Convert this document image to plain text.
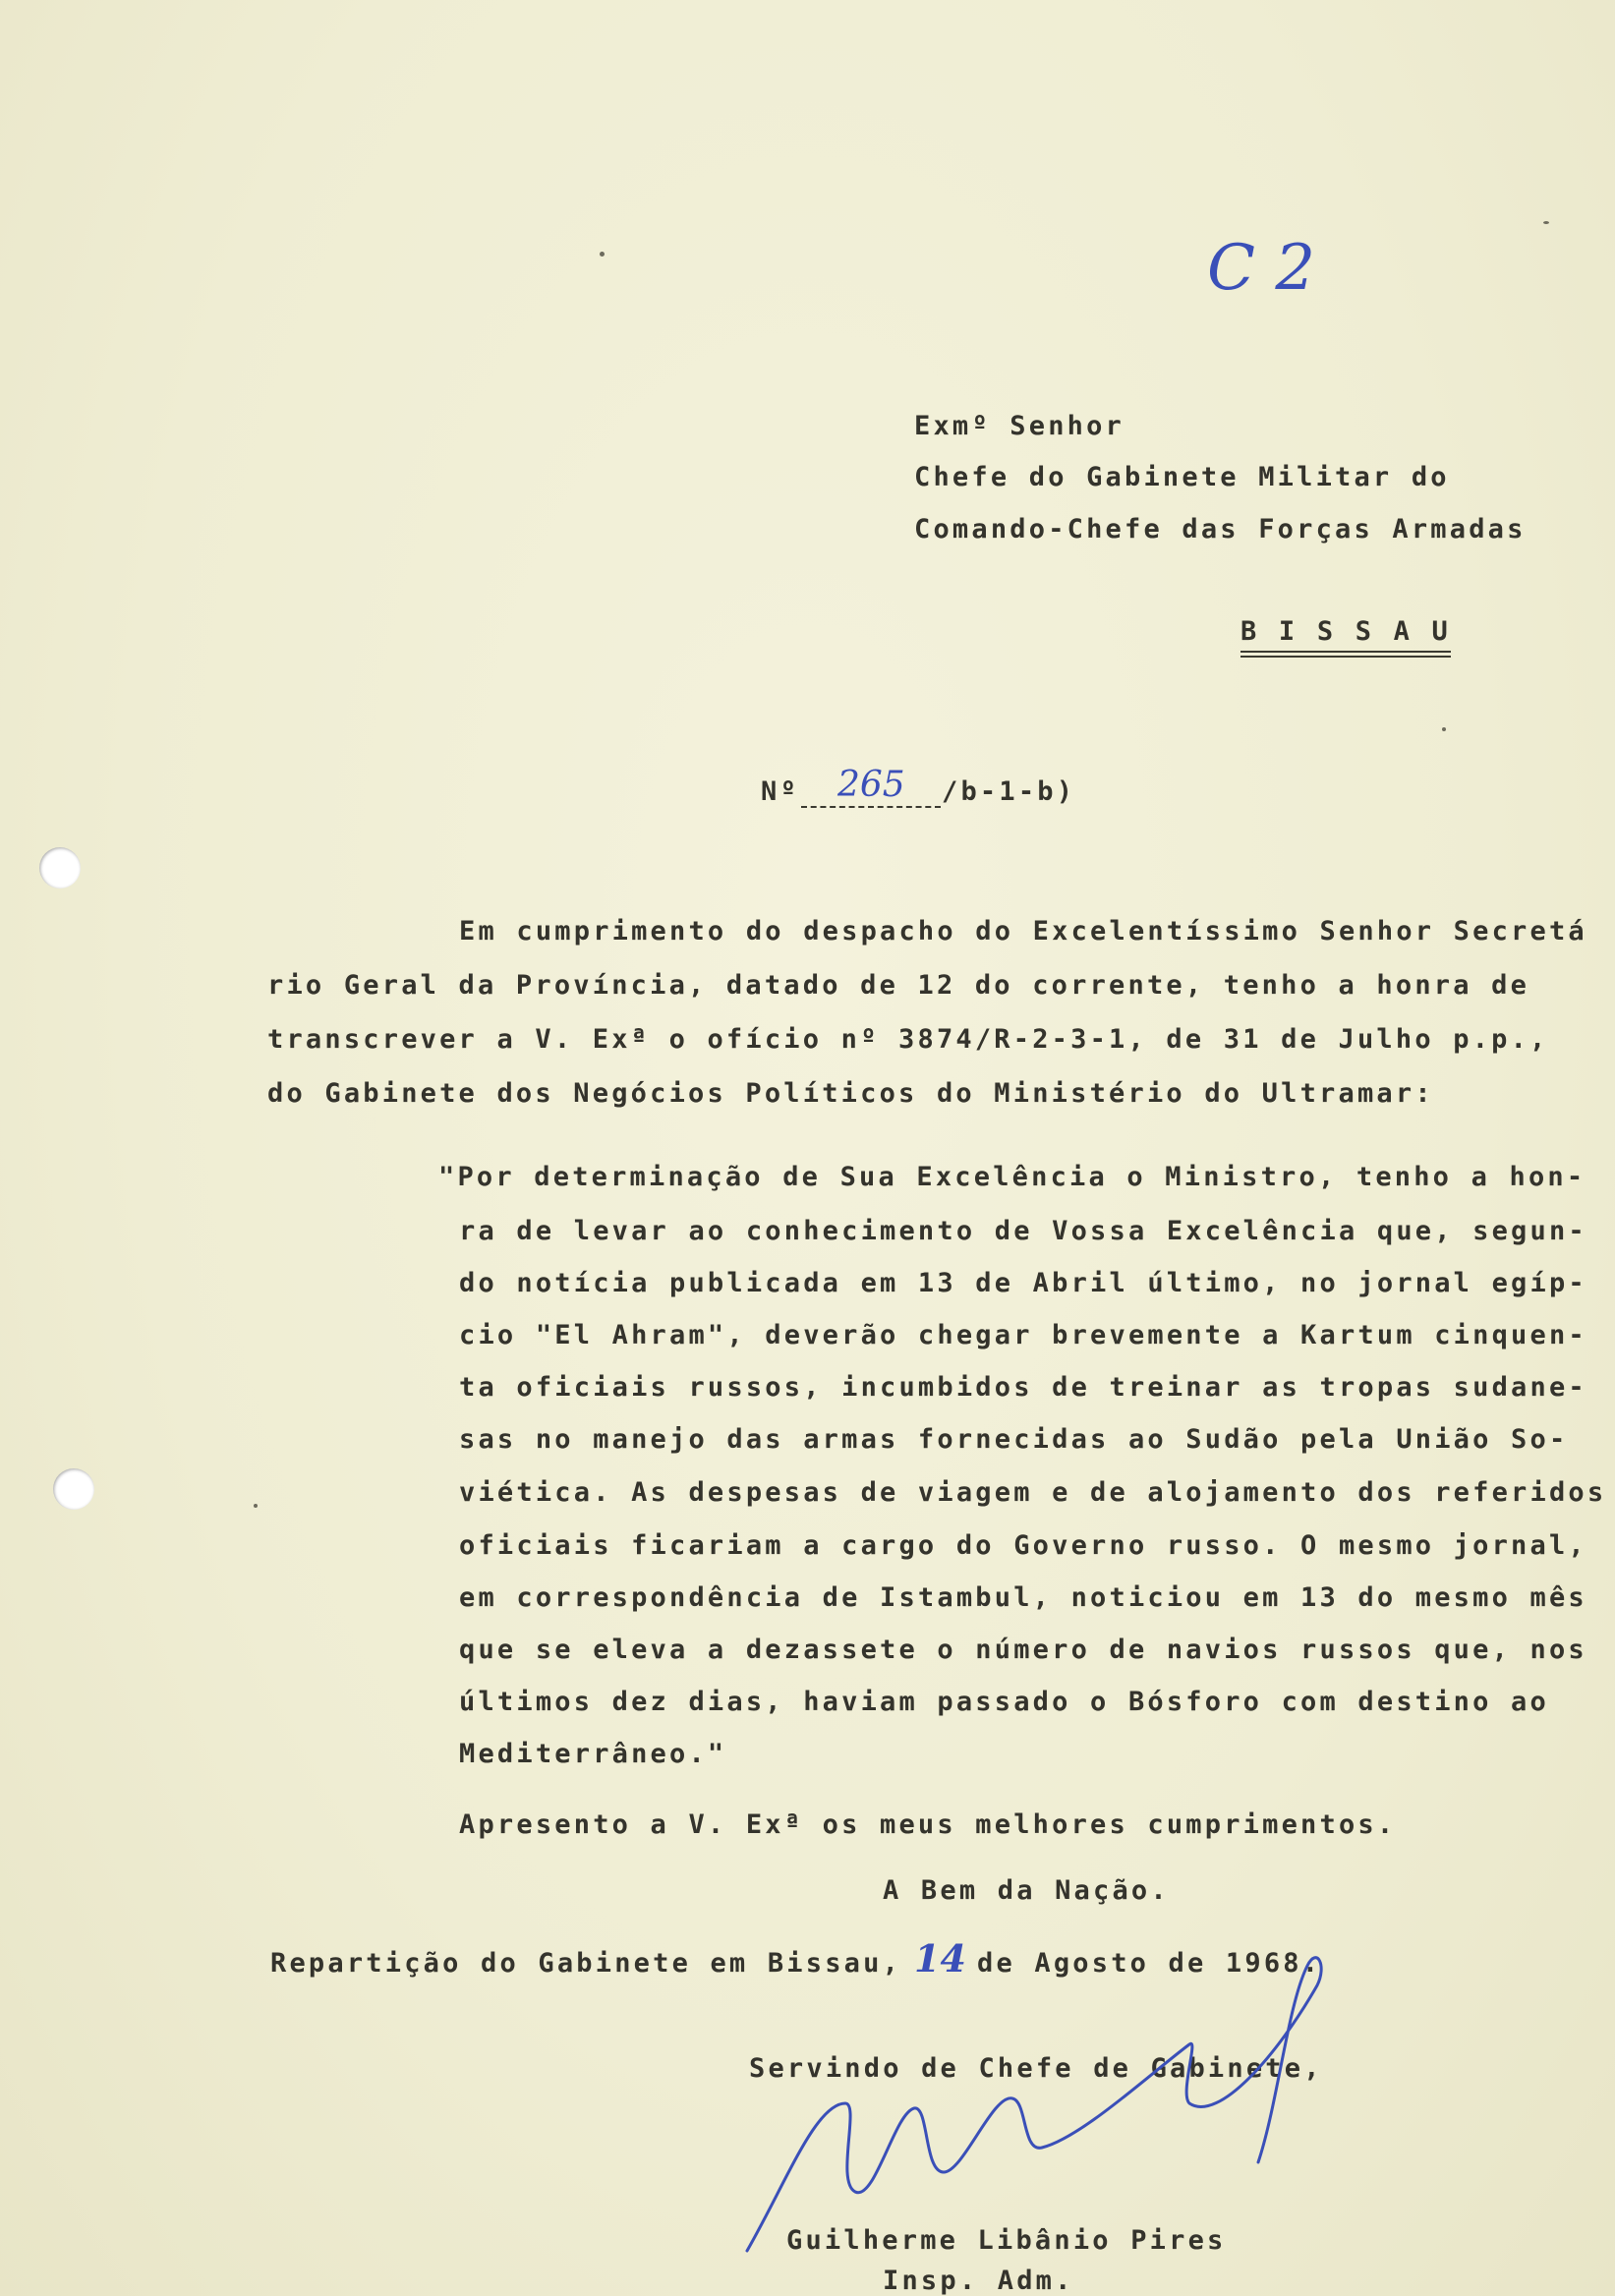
C 2
Exmº Senhor
Chefe do Gabinete Militar do
Comando-Chefe das Forças Armadas
B I S S A U
Nº 265 /b-1-b)
Em cumprimento do despacho do Excelentíssimo Senhor Secretá
rio Geral da Província, datado de 12 do corrente, tenho a honra de
transcrever a V. Exª o ofício nº 3874/R-2-3-1, de 31 de Julho p.p.,
do Gabinete dos Negócios Políticos do Ministério do Ultramar:
"Por determinação de Sua Excelência o Ministro, tenho a hon-
ra de levar ao conhecimento de Vossa Excelência que, segun-
do notícia publicada em 13 de Abril último, no jornal egíp-
cio "El Ahram", deverão chegar brevemente a Kartum cinquen-
ta oficiais russos, incumbidos de treinar as tropas sudane-
sas no manejo das armas fornecidas ao Sudão pela União So-
viética. As despesas de viagem e de alojamento dos referidos
oficiais ficariam a cargo do Governo russo. O mesmo jornal,
em correspondência de Istambul, noticiou em 13 do mesmo mês
que se eleva a dezassete o número de navios russos que, nos
últimos dez dias, haviam passado o Bósforo com destino ao
Mediterrâneo."
Apresento a V. Exª os meus melhores cumprimentos.
A Bem da Nação.
Repartição do Gabinete em Bissau, 14 de Agosto de 1968.
Servindo de Chefe de Gabinete,
Guilherme Libânio Pires
Insp. Adm.
